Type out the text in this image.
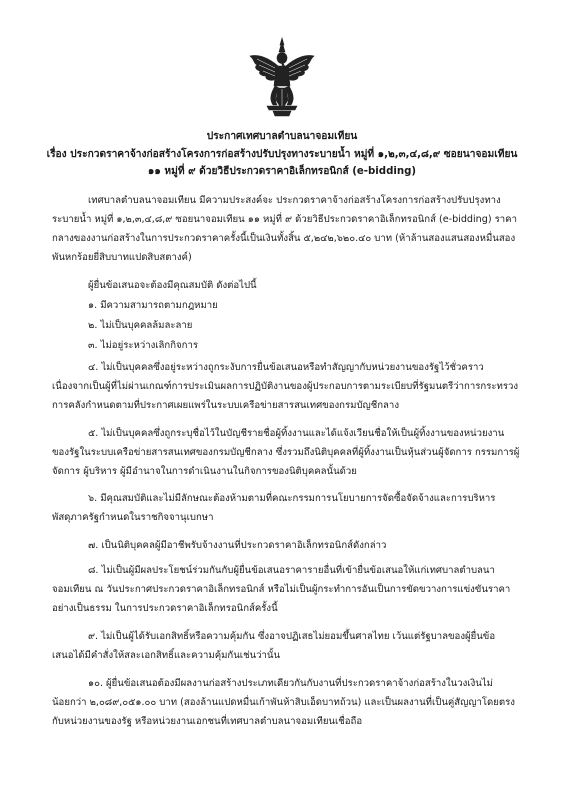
ประกาศเทศบาลตำบลนาจอมเทียน
เรื่อง ประกวดราคาจ้างก่อสร้างโครงการก่อสร้างปรับปรุงทางระบายน้ำ หมู่ที่ ๑,๒,๓,๔,๘,๙ ซอยนาจอมเทียน
๑๑ หมู่ที่ ๙ ด้วยวิธีประกวดราคาอิเล็กทรอนิกส์ (e-bidding)
เทศบาลตำบลนาจอมเทียน มีความประสงค์จะ ประกวดราคาจ้างก่อสร้างโครงการก่อสร้างปรับปรุงทาง
ระบายน้ำ หมู่ที่ ๑,๒,๓,๔,๘,๙ ซอยนาจอมเทียน ๑๑ หมู่ที่ ๙ ด้วยวิธีประกวดราคาอิเล็กทรอนิกส์ (e-bidding) ราคา
กลางของงานก่อสร้างในการประกวดราคาครั้งนี้เป็นเงินทั้งสิ้น ๕,๒๔๒,๖๒๐.๔๐ บาท (ห้าล้านสองแสนสองหมื่นสอง
พันหกร้อยยี่สิบบาทแปดสิบสตางค์)
ผู้ยื่นข้อเสนอจะต้องมีคุณสมบัติ ดังต่อไปนี้
๑. มีความสามารถตามกฎหมาย
๒. ไม่เป็นบุคคลล้มละลาย
๓. ไม่อยู่ระหว่างเลิกกิจการ
๔. ไม่เป็นบุคคลซึ่งอยู่ระหว่างถูกระงับการยื่นข้อเสนอหรือทำสัญญากับหน่วยงานของรัฐไว้ชั่วคราว
เนื่องจากเป็นผู้ที่ไม่ผ่านเกณฑ์การประเมินผลการปฏิบัติงานของผู้ประกอบการตามระเบียบที่รัฐมนตรีว่าการกระทรวง
การคลังกำหนดตามที่ประกาศเผยแพร่ในระบบเครือข่ายสารสนเทศของกรมบัญชีกลาง
๕. ไม่เป็นบุคคลซึ่งถูกระบุชื่อไว้ในบัญชีรายชื่อผู้ทิ้งงานและได้แจ้งเวียนชื่อให้เป็นผู้ทิ้งงานของหน่วยงาน
ของรัฐในระบบเครือข่ายสารสนเทศของกรมบัญชีกลาง ซึ่งรวมถึงนิติบุคคลที่ผู้ทิ้งงานเป็นหุ้นส่วนผู้จัดการ กรรมการผู้
จัดการ ผู้บริหาร ผู้มีอำนาจในการดำเนินงานในกิจการของนิติบุคคลนั้นด้วย
๖. มีคุณสมบัติและไม่มีลักษณะต้องห้ามตามที่คณะกรรมการนโยบายการจัดซื้อจัดจ้างและการบริหาร
พัสดุภาครัฐกำหนดในราชกิจจานุเบกษา
๗. เป็นนิติบุคคลผู้มีอาชีพรับจ้างงานที่ประกวดราคาอิเล็กทรอนิกส์ดังกล่าว
๘. ไม่เป็นผู้มีผลประโยชน์ร่วมกันกับผู้ยื่นข้อเสนอราคารายอื่นที่เข้ายื่นข้อเสนอให้แก่เทศบาลตำบลนา
จอมเทียน ณ วันประกาศประกวดราคาอิเล็กทรอนิกส์ หรือไม่เป็นผู้กระทำการอันเป็นการขัดขวางการแข่งขันราคา
อย่างเป็นธรรม ในการประกวดราคาอิเล็กทรอนิกส์ครั้งนี้
๙. ไม่เป็นผู้ได้รับเอกสิทธิ์หรือความคุ้มกัน ซึ่งอาจปฏิเสธไม่ยอมขึ้นศาลไทย เว้นแต่รัฐบาลของผู้ยื่นข้อ
เสนอได้มีคำสั่งให้สละเอกสิทธิ์และความคุ้มกันเช่นว่านั้น
๑๐. ผู้ยื่นข้อเสนอต้องมีผลงานก่อสร้างประเภทเดียวกันกับงานที่ประกวดราคาจ้างก่อสร้างในวงเงินไม่
น้อยกว่า ๒,๐๘๙,๐๕๑.๐๐ บาท (สองล้านแปดหมื่นเก้าพันห้าสิบเอ็ดบาทถ้วน) และเป็นผลงานที่เป็นคู่สัญญาโดยตรง
กับหน่วยงานของรัฐ หรือหน่วยงานเอกชนที่เทศบาลตำบลนาจอมเทียนเชื่อถือ
